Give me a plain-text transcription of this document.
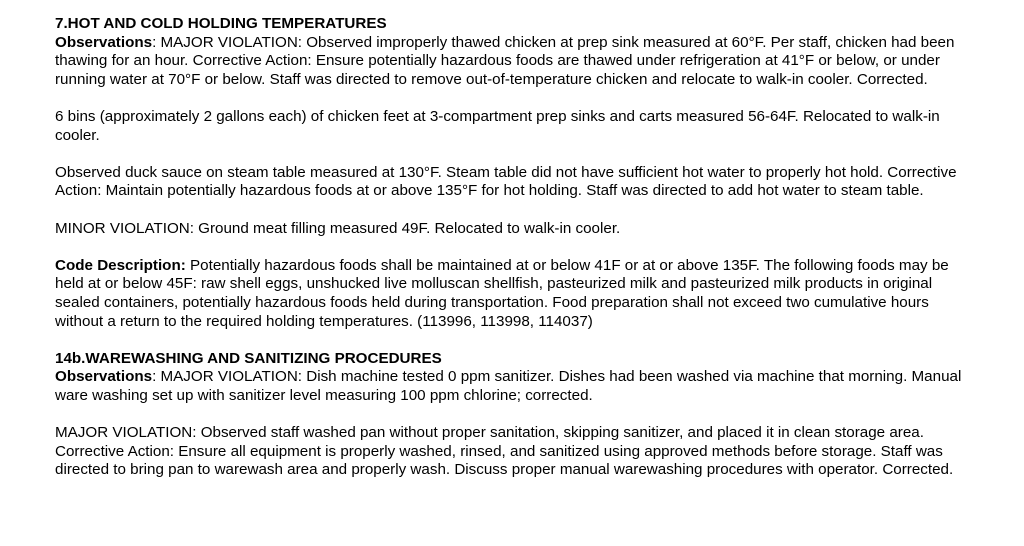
7.HOT AND COLD HOLDING TEMPERATURES

Observations: MAJOR VIOLATION: Observed improperly thawed chicken at prep sink measured at 60°F. Per staff, chicken had been thawing for an hour. Corrective Action: Ensure potentially hazardous foods are thawed under refrigeration at 41°F or below, or under running water at 70°F or below. Staff was directed to remove out-of-temperature chicken and relocate to walk-in cooler. Corrected.

6 bins (approximately 2 gallons each) of chicken feet at 3-compartment prep sinks and carts measured 56-64F. Relocated to walk-in cooler.

Observed duck sauce on steam table measured at 130°F. Steam table did not have sufficient hot water to properly hot hold. Corrective Action: Maintain potentially hazardous foods at or above 135°F for hot holding. Staff was directed to add hot water to steam table.

MINOR VIOLATION: Ground meat filling measured 49F. Relocated to walk-in cooler.

Code Description: Potentially hazardous foods shall be maintained at or below 41F or at or above 135F. The following foods may be held at or below 45F: raw shell eggs, unshucked live molluscan shellfish, pasteurized milk and pasteurized milk products in original sealed containers, potentially hazardous foods held during transportation. Food preparation shall not exceed two cumulative hours without a return to the required holding temperatures. (113996, 113998, 114037)

14b.WAREWASHING AND SANITIZING PROCEDURES

Observations: MAJOR VIOLATION: Dish machine tested 0 ppm sanitizer. Dishes had been washed via machine that morning. Manual ware washing set up with sanitizer level measuring 100 ppm chlorine; corrected.

MAJOR VIOLATION: Observed staff washed pan without proper sanitation, skipping sanitizer, and placed it in clean storage area. Corrective Action: Ensure all equipment is properly washed, rinsed, and sanitized using approved methods before storage. Staff was directed to bring pan to warewash area and properly wash. Discuss proper manual warewashing procedures with operator. Corrected.
